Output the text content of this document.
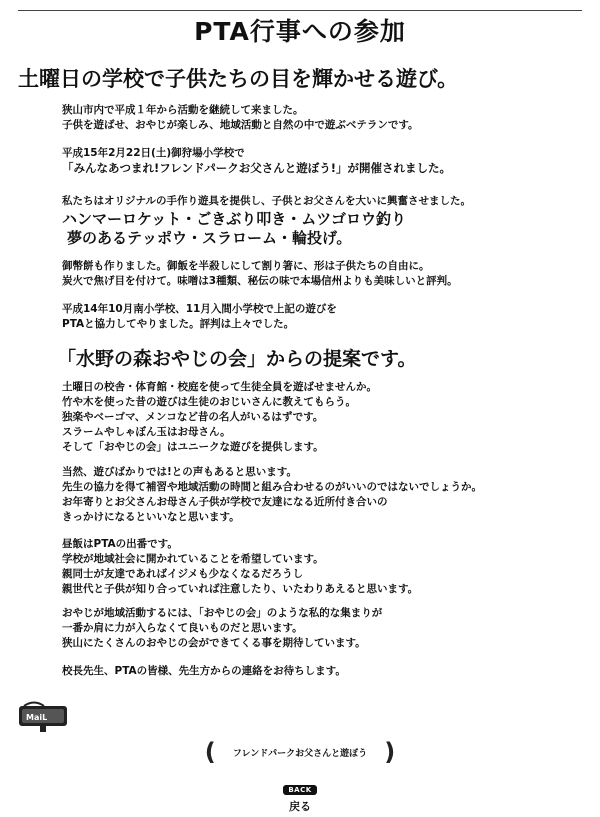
PTA行事への参加
土曜日の学校で子供たちの目を輝かせる遊び。
狭山市内で平成１年から活動を継続して来ました。
子供を遊ばせ、おやじが楽しみ、地域活動と自然の中で遊ぶベテランです。
平成15年2月22日(土)御狩場小学校で
「みんなあつまれ!フレンドパークお父さんと遊ぼう!」が開催されました。
私たちはオリジナルの手作り遊具を提供し、子供とお父さんを大いに興奮させました。
ハンマーロケット・ごきぶり叩き・ムツゴロウ釣り
夢のあるテッポウ・スラローム・輪投げ。
御幣餅も作りました。御飯を半殺しにして割り箸に、形は子供たちの自由に。
炭火で焦げ目を付けて。味噌は3種類、秘伝の味で本場信州よりも美味しいと評判。
平成14年10月南小学校、11月入間小学校で上記の遊びを
PTAと協力してやりました。評判は上々でした。
「水野の森おやじの会」からの提案です。
土曜日の校舎・体育館・校庭を使って生徒全員を遊ばせませんか。
竹や木を使った昔の遊びは生徒のおじいさんに教えてもらう。
独楽やベーゴマ、メンコなど昔の名人がいるはずです。
スラームやしゃぼん玉はお母さん。
そして「おやじの会」はユニークな遊びを提供します。
当然、遊びばかりでは!との声もあると思います。
先生の協力を得て補習や地域活動の時間と組み合わせるのがいいのではないでしょうか。
お年寄りとお父さんお母さん子供が学校で友達になる近所付き合いの
きっかけになるといいなと思います。
昼飯はPTAの出番です。
学校が地域社会に開かれていることを希望しています。
親同士が友達であればイジメも少なくなるだろうし
親世代と子供が知り合っていれば注意したり、いたわりあえると思います。
おやじが地域活動するには、「おやじの会」のような私的な集まりが
一番か肩に力が入らなくて良いものだと思います。
狭山にたくさんのおやじの会ができてくる事を期待しています。
校長先生、PTAの皆様、先生方からの連絡をお待ちします。
MaiL
( フレンドパークお父さんと遊ぼう )
BACK
戻る
